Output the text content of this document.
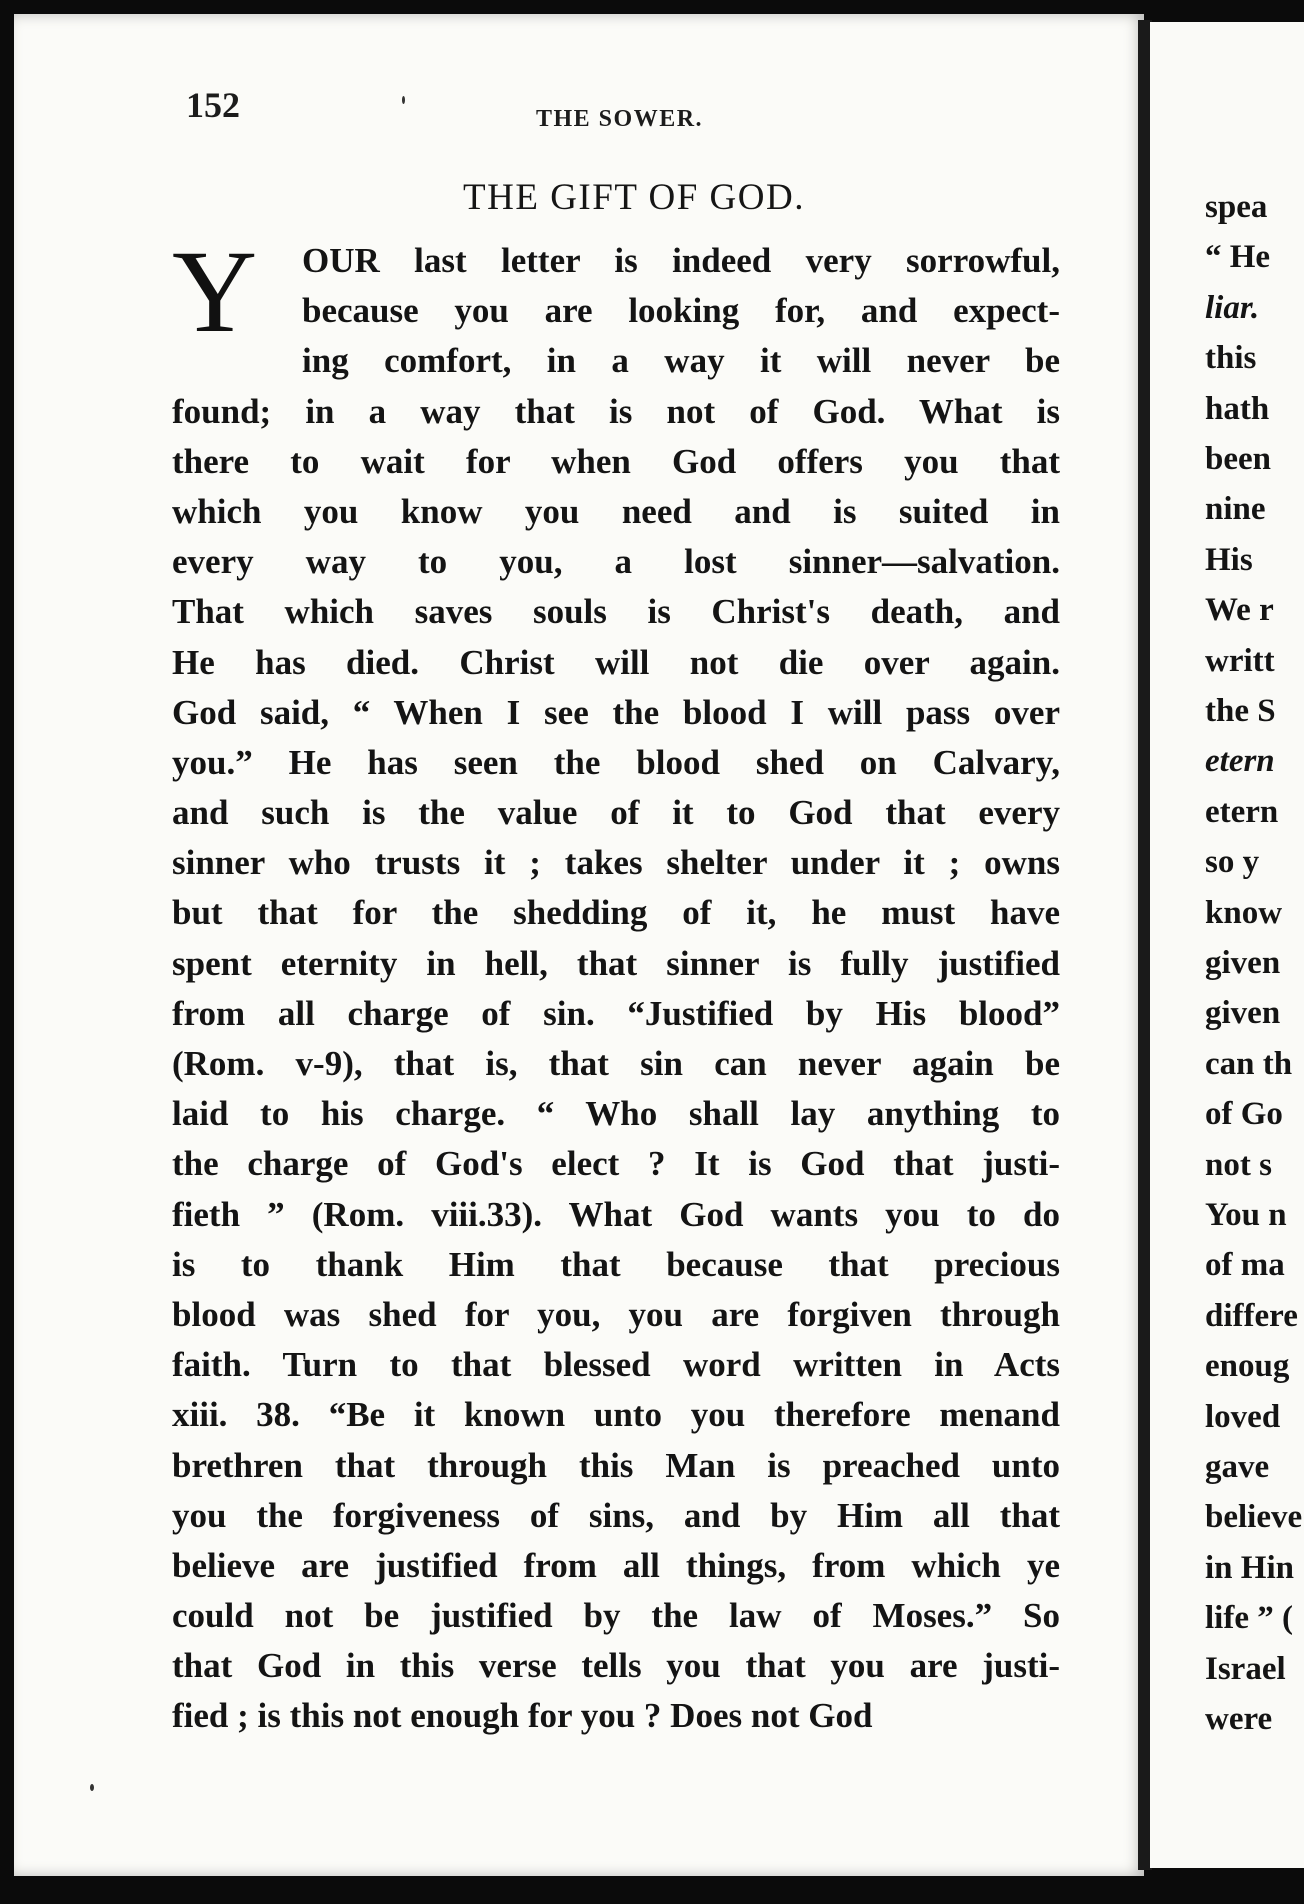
152	THE SOWER.
THE GIFT OF GOD.
Y	OUR last letter is indeed very sorrowful,
because you are looking for, and expect-
ing comfort, in a way it will never be
found; in a way that is not of God. What is
there to wait for when God offers you that
which you know you need and is suited in
every way to you, a lost sinner—salvation.
That which saves souls is Christ's death, and
He has died. Christ will not die over again.
God said, “ When I see the blood I will pass over
you.” He has seen the blood shed on Calvary,
and such is the value of it to God that every
sinner who trusts it ; takes shelter under it ; owns
but that for the shedding of it, he must have
spent eternity in hell, that sinner is fully justified
from all charge of sin. “Justified by His blood”
(Rom. v-9), that is, that sin can never again be
laid to his charge. “ Who shall lay anything to
the charge of God's elect ? It is God that justi-
fieth ” (Rom. viii.33). What God wants you to do
is to thank Him that because that precious
blood was shed for you, you are forgiven through
faith. Turn to that blessed word written in Acts
xiii. 38. “Be it known unto you therefore menand
brethren that through this Man is preached unto
you the forgiveness of sins, and by Him all that
believe are justified from all things, from which ye
could not be justified by the law of Moses.” So
that God in this verse tells you that you are justi-
fied ; is this not enough for you ? Does not God
spea
“ He
liar.
this
hath
been
nine
His
We r
writt
the S
etern
etern
so y
know
given
given
can th
of Go
not s
You n
of ma
differe
enoug
loved
gave
believe
in Hin
life ” (
Israel
were
